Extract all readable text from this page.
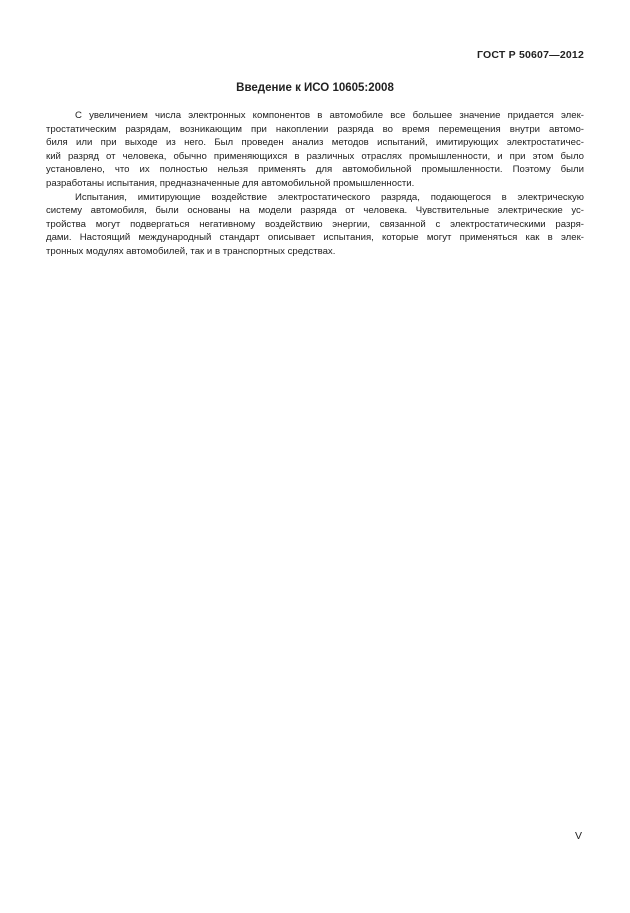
ГОСТ Р 50607—2012
Введение к ИСО 10605:2008
С увеличением числа электронных компонентов в автомобиле все большее значение придается элек-
тростатическим разрядам, возникающим при накоплении разряда во время перемещения внутри автомо-
биля или при выходе из него. Был проведен анализ методов испытаний, имитирующих электростатичес-
кий разряд от человека, обычно применяющихся в различных отраслях промышленности, и при этом было
установлено, что их полностью нельзя применять для автомобильной промышленности. Поэтому были
разработаны испытания, предназначенные для автомобильной промышленности.
Испытания, имитирующие воздействие электростатического разряда, подающегося в электрическую
систему автомобиля, были основаны на модели разряда от человека. Чувствительные электрические ус-
тройства могут подвергаться негативному воздействию энергии, связанной с электростатическими разря-
дами. Настоящий международный стандарт описывает испытания, которые могут применяться как в элек-
тронных модулях автомобилей, так и в транспортных средствах.
V
